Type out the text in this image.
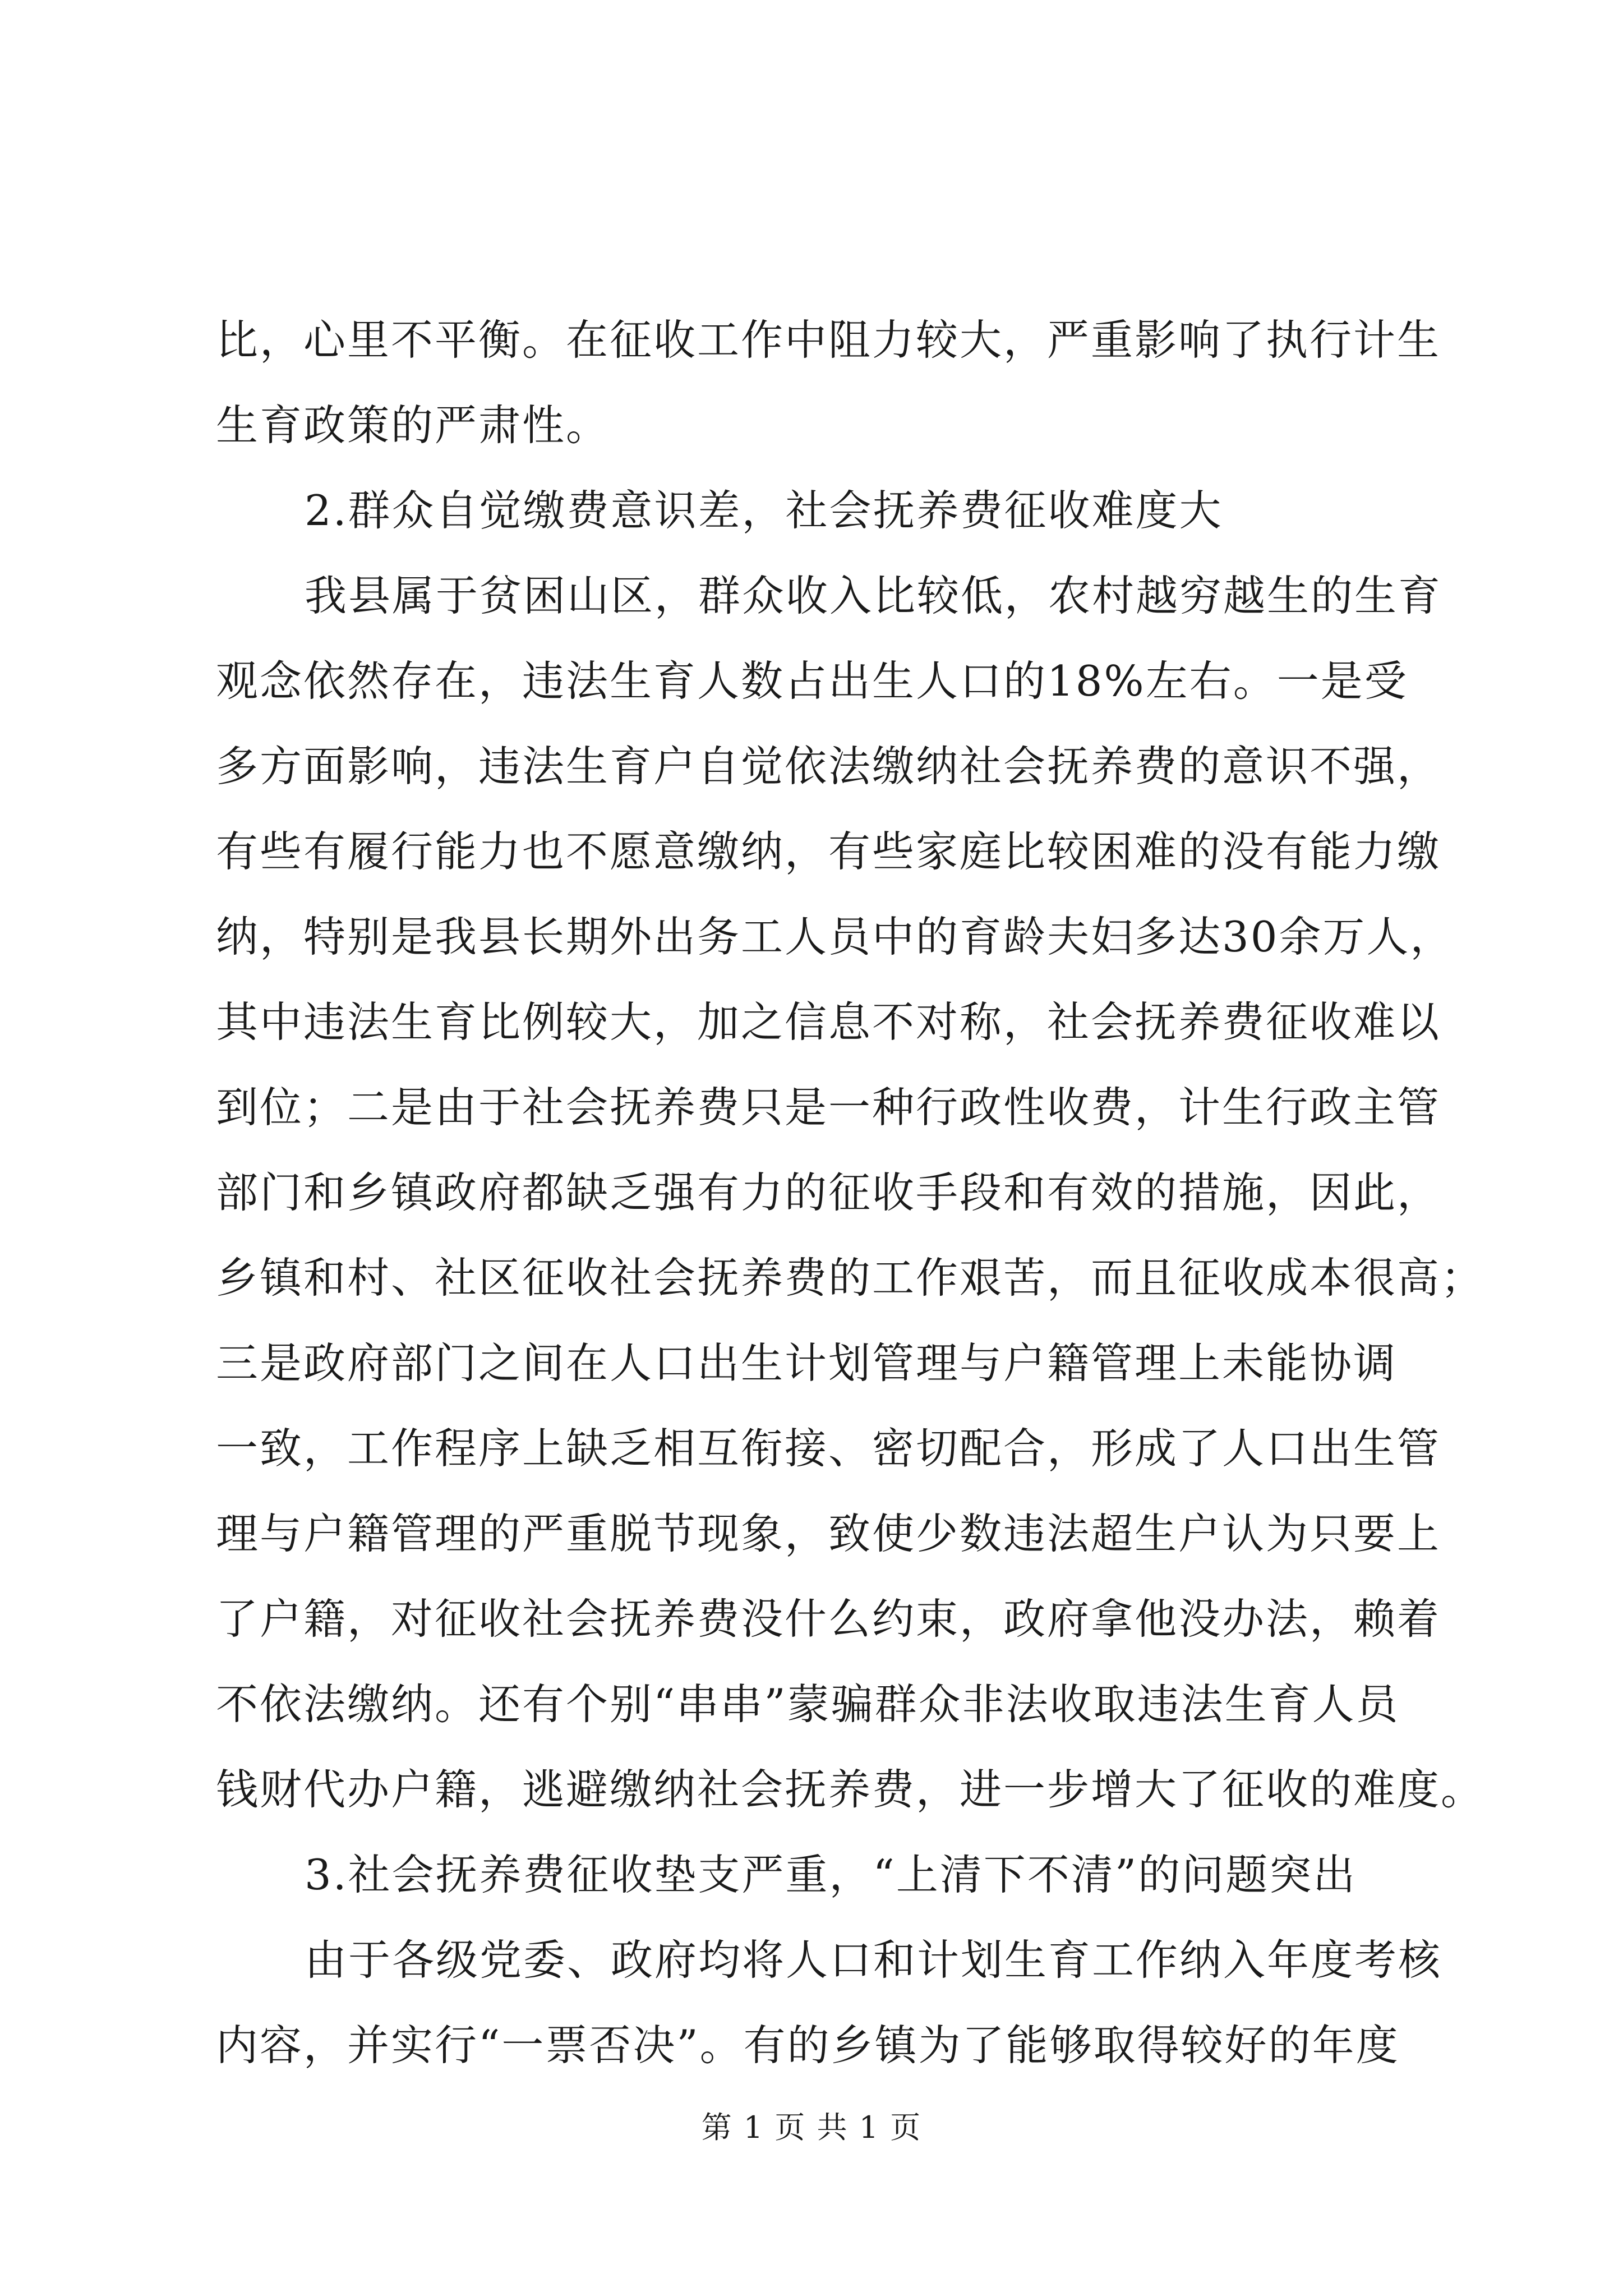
比，心里不平衡。在征收工作中阻力较大，严重影响了执行计生
生育政策的严肃性。
2.群众自觉缴费意识差，社会抚养费征收难度大
我县属于贫困山区，群众收入比较低，农村越穷越生的生育
观念依然存在，违法生育人数占出生人口的18%左右。一是受
多方面影响，违法生育户自觉依法缴纳社会抚养费的意识不强，
有些有履行能力也不愿意缴纳，有些家庭比较困难的没有能力缴
纳，特别是我县长期外出务工人员中的育龄夫妇多达30余万人，
其中违法生育比例较大，加之信息不对称，社会抚养费征收难以
到位；二是由于社会抚养费只是一种行政性收费，计生行政主管
部门和乡镇政府都缺乏强有力的征收手段和有效的措施，因此，
乡镇和村、社区征收社会抚养费的工作艰苦，而且征收成本很高；
三是政府部门之间在人口出生计划管理与户籍管理上未能协调
一致，工作程序上缺乏相互衔接、密切配合，形成了人口出生管
理与户籍管理的严重脱节现象，致使少数违法超生户认为只要上
了户籍，对征收社会抚养费没什么约束，政府拿他没办法，赖着
不依法缴纳。还有个别“串串”蒙骗群众非法收取违法生育人员
钱财代办户籍，逃避缴纳社会抚养费，进一步增大了征收的难度。
3.社会抚养费征收垫支严重，“上清下不清”的问题突出
由于各级党委、政府均将人口和计划生育工作纳入年度考核
内容，并实行“一票否决”。有的乡镇为了能够取得较好的年度
第 1 页 共 1 页
